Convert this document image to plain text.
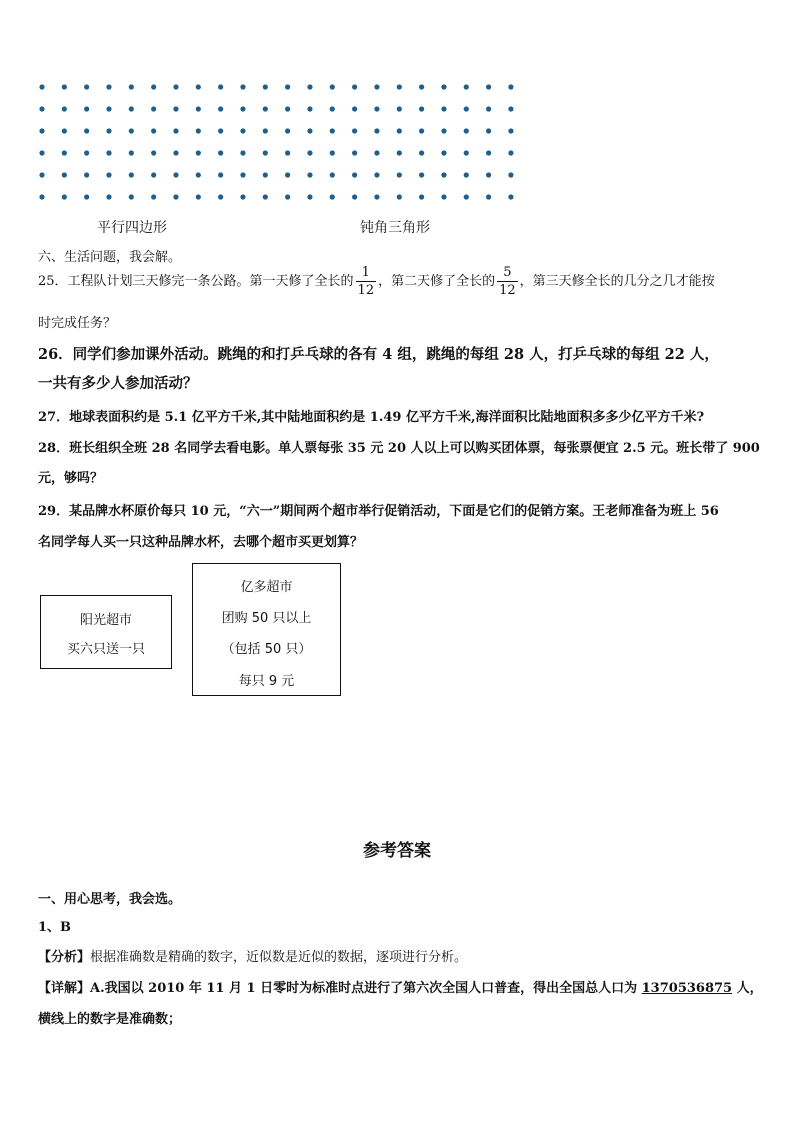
平行四边形	钝角三角形
六、生活问题，我会解。
25．工程队计划三天修完一条公路。第一天修了全长的 $\frac{1}{12}$ ，第二天修了全长的 $\frac{5}{12}$ ，第三天修全长的几分之几才能按
时完成任务？
26．同学们参加课外活动。跳绳的和打乒乓球的各有 4 组，跳绳的每组 28 人，打乒乓球的每组 22 人，
一共有多少人参加活动？
27．地球表面积约是 5.1 亿平方千米,其中陆地面积约是 1.49 亿平方千米,海洋面积比陆地面积多多少亿平方千米?
28．班长组织全班 28 名同学去看电影。单人票每张 35 元 20 人以上可以购买团体票，每张票便宜 2.5 元。班长带了 900
元，够吗？
29．某品牌水杯原价每只 10 元，“六一”期间两个超市举行促销活动，下面是它们的促销方案。王老师准备为班上 56
名同学每人买一只这种品牌水杯，去哪个超市买更划算？
阳光超市
买六只送一只
亿多超市
团购 50 只以上
（包括 50 只）
每只 9 元
参考答案
一、用心思考，我会选。
1、B
【分析】根据准确数是精确的数字，近似数是近似的数据，逐项进行分析。
【详解】A.我国以 2010 年 11 月 1 日零时为标准时点进行了第六次全国人口普查，得出全国总人口为 1370536875 人，
横线上的数字是准确数；
